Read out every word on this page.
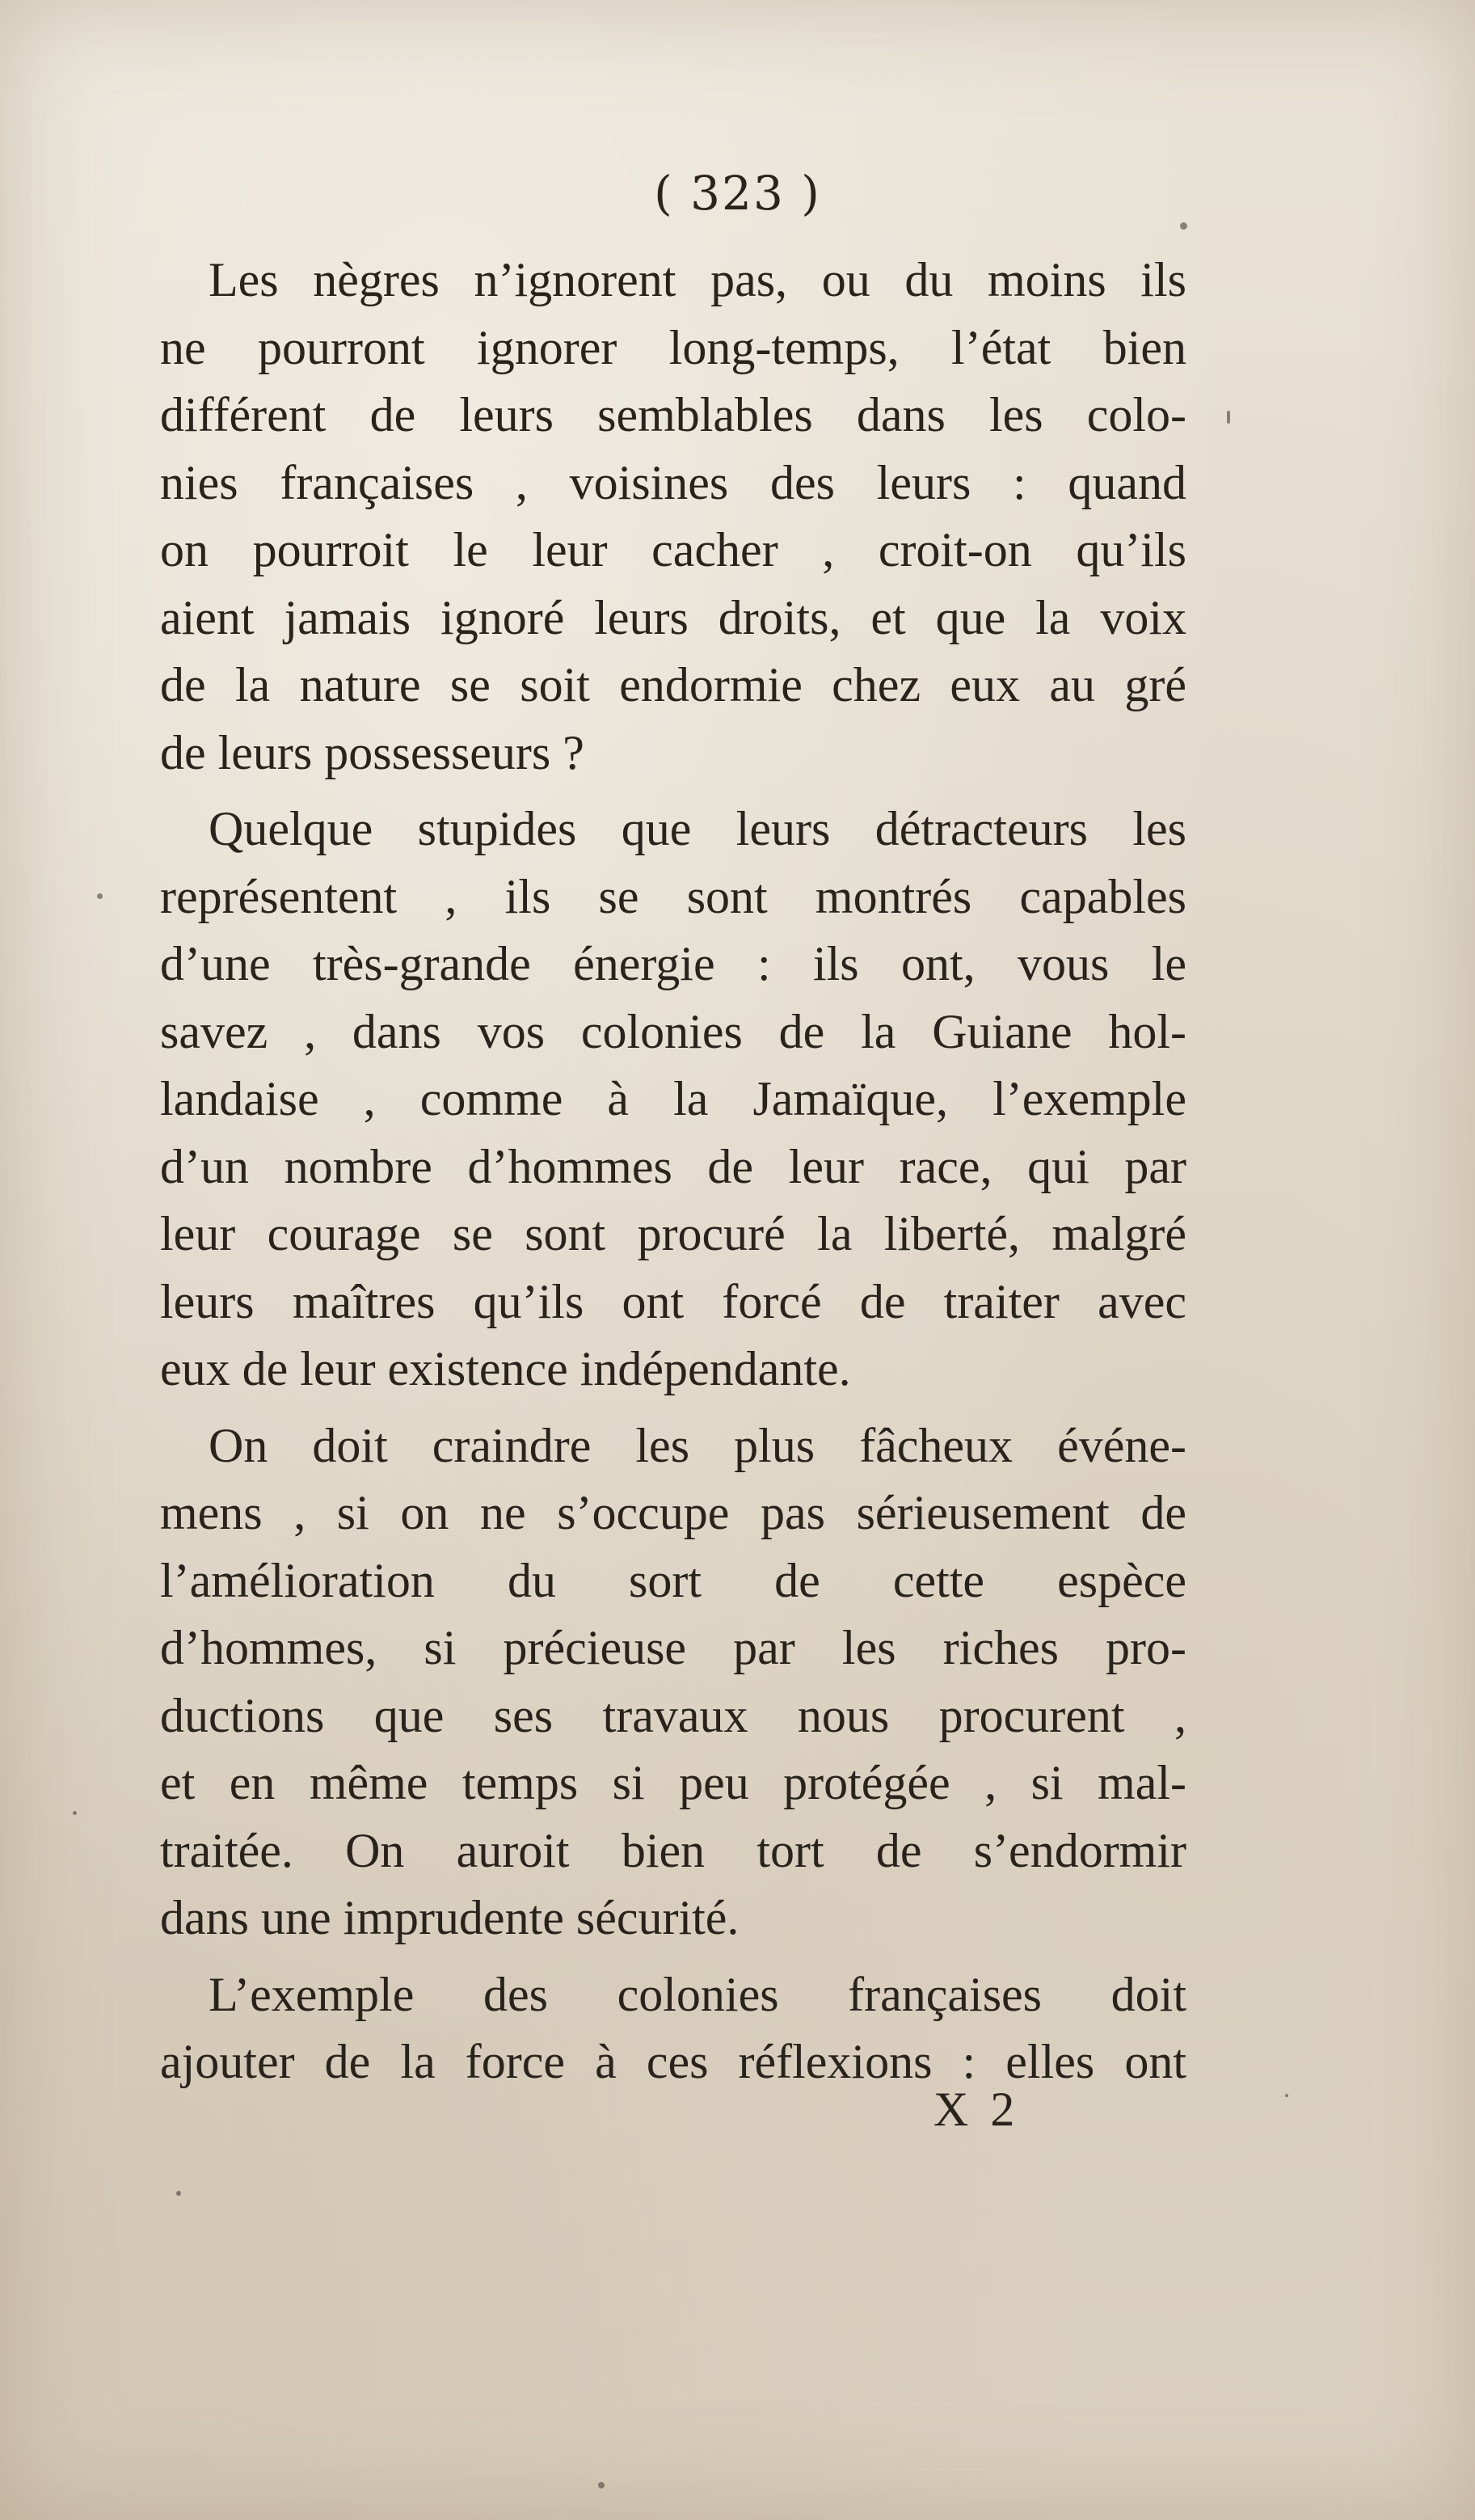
( 323 )
Les nègres n’ignorent pas, ou du moins ils
ne pourront ignorer long-temps, l’état bien
différent de leurs semblables dans les colo-
nies françaises , voisines des leurs : quand
on pourroit le leur cacher , croit-on qu’ils
aient jamais ignoré leurs droits, et que la voix
de la nature se soit endormie chez eux au gré
de leurs possesseurs ?
Quelque stupides que leurs détracteurs les
représentent , ils se sont montrés capables
d’une très-grande énergie : ils ont, vous le
savez , dans vos colonies de la Guiane hol-
landaise , comme à la Jamaïque, l’exemple
d’un nombre d’hommes de leur race, qui par
leur courage se sont procuré la liberté, malgré
leurs maîtres qu’ils ont forcé de traiter avec
eux de leur existence indépendante.
On doit craindre les plus fâcheux événe-
mens , si on ne s’occupe pas sérieusement de
l’amélioration du sort de cette espèce
d’hommes, si précieuse par les riches pro-
ductions que ses travaux nous procurent ,
et en même temps si peu protégée , si mal-
traitée. On auroit bien tort de s’endormir
dans une imprudente sécurité.
L’exemple des colonies françaises doit
ajouter de la force à ces réflexions : elles ont
X 2
